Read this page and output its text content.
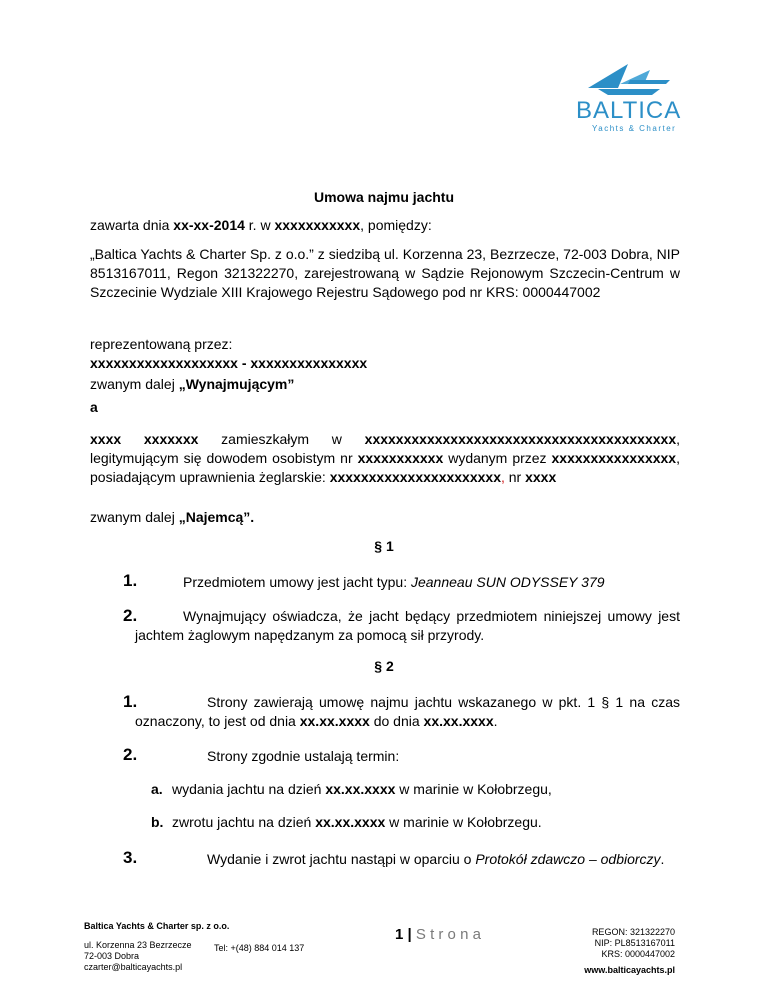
BALTICA
Yachts & Charter
Umowa najmu jachtu
zawarta dnia xx-xx-2014 r. w xxxxxxxxxxx, pomiędzy:
„Baltica Yachts & Charter Sp. z o.o.” z siedzibą ul. Korzenna 23, Bezrzecze, 72-003 Dobra, NIP 8513167011, Regon 321322270, zarejestrowaną w Sądzie Rejonowym Szczecin-Centrum w Szczecinie Wydziale XIII Krajowego Rejestru Sądowego pod nr KRS: 0000447002
reprezentowaną przez:
xxxxxxxxxxxxxxxxxxx - xxxxxxxxxxxxxxx
zwanym dalej „Wynajmującym”
a
xxxx xxxxxxx zamieszkałym w xxxxxxxxxxxxxxxxxxxxxxxxxxxxxxxxxxxxxxxx, legitymującym się dowodem osobistym nr xxxxxxxxxxx wydanym przez xxxxxxxxxxxxxxxx, posiadającym uprawnienia żeglarskie: xxxxxxxxxxxxxxxxxxxxxx, nr xxxx
zwanym dalej „Najemcą”.
§ 1
1.	Przedmiotem umowy jest jacht typu: Jeanneau SUN ODYSSEY 379
2.	Wynajmujący oświadcza, że jacht będący przedmiotem niniejszej umowy jest jachtem żaglowym napędzanym za pomocą sił przyrody.
§ 2
1.	Strony zawierają umowę najmu jachtu wskazanego w pkt. 1 § 1 na czas oznaczony, to jest od dnia xx.xx.xxxx do dnia xx.xx.xxxx.
2.	Strony zgodnie ustalają termin:
a. wydania jachtu na dzień xx.xx.xxxx w marinie w Kołobrzegu,
b. zwrotu jachtu na dzień xx.xx.xxxx w marinie w Kołobrzegu.
3.	Wydanie i zwrot jachtu nastąpi w oparciu o Protokół zdawczo – odbiorczy.
Baltica Yachts & Charter sp. z o.o.
ul. Korzenna 23 Bezrzecze
72-003 Dobra
czarter@balticayachts.pl
Tel: +(48) 884 014 137
1 | S t r o n a	REGON: 321322270
NIP: PL8513167011
KRS: 0000447002
www.balticayachts.pl
